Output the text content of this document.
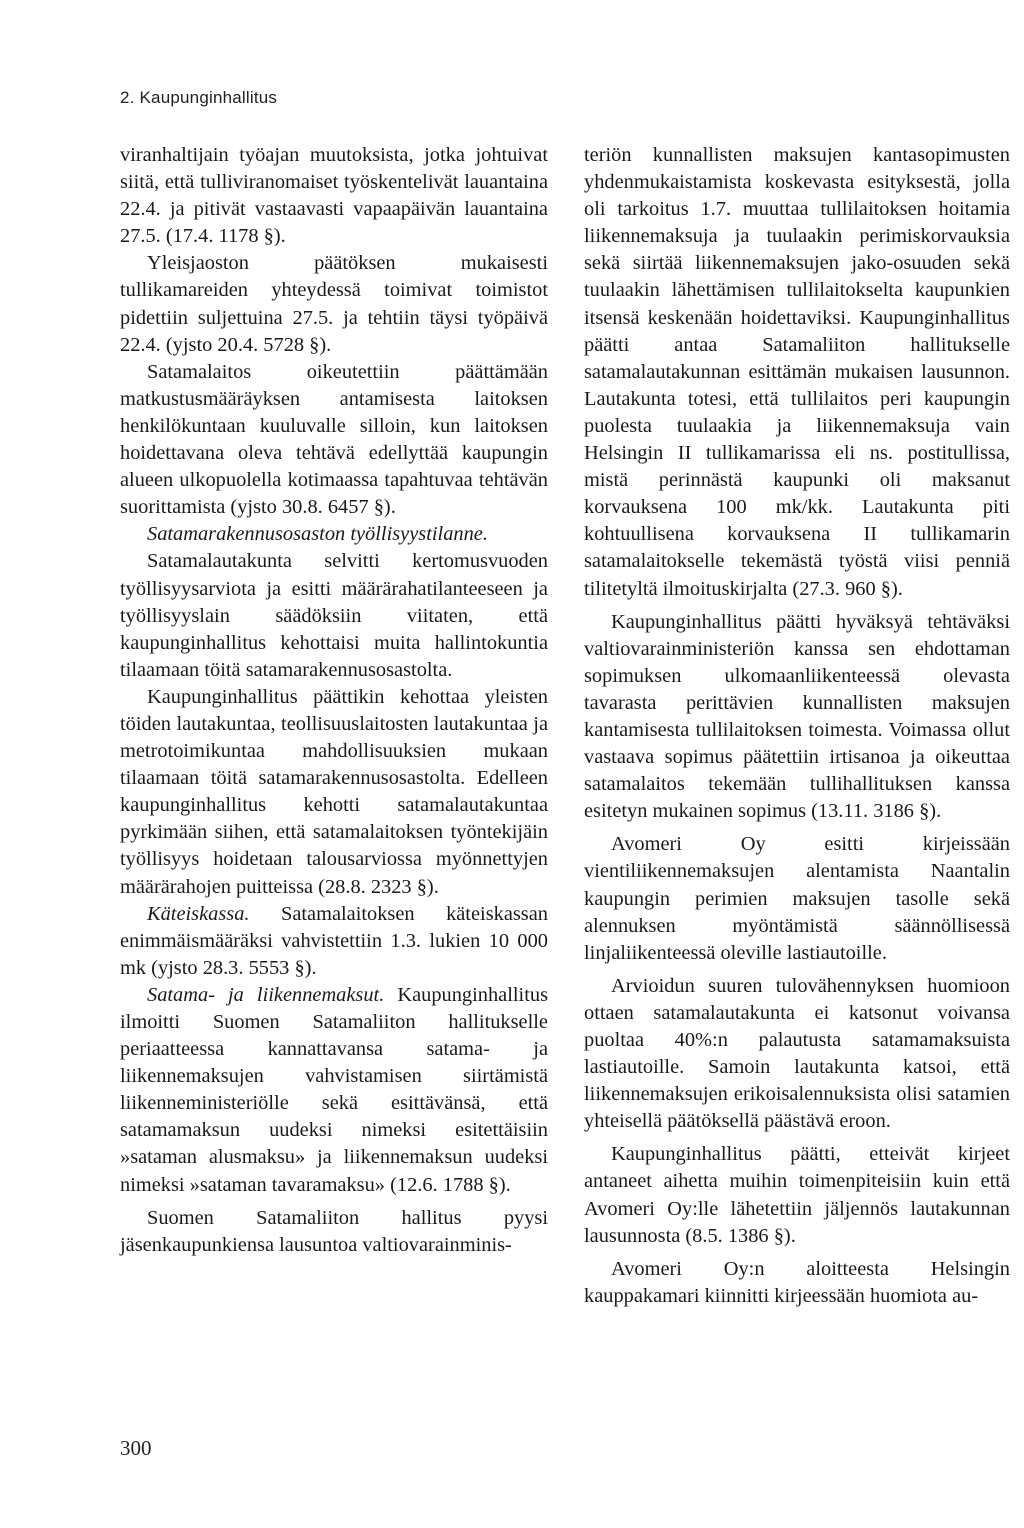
2. Kaupunginhallitus

viranhaltijain työajan muutoksista, jotka johtuivat siitä, että tulliviranomaiset työskentelivät lauantaina 22.4. ja pitivät vastaavasti vapaapäivän lauantaina 27.5. (17.4. 1178 §).

Yleisjaoston päätöksen mukaisesti tullikamareiden yhteydessä toimivat toimistot pidettiin suljettuina 27.5. ja tehtiin täysi työpäivä 22.4. (yjsto 20.4. 5728 §).

Satamalaitos oikeutettiin päättämään matkustusmääräyksen antamisesta laitoksen henkilökuntaan kuuluvalle silloin, kun laitoksen hoidettavana oleva tehtävä edellyttää kaupungin alueen ulkopuolella kotimaassa tapahtuvaa tehtävän suorittamista (yjsto 30.8. 6457 §).

Satamarakennusosaston työllisyystilanne.

Satamalautakunta selvitti kertomusvuoden työllisyysarviota ja esitti määrärahatilanteeseen ja työllisyyslain säädöksiin viitaten, että kaupunginhallitus kehottaisi muita hallintokuntia tilaamaan töitä satamarakennusosastolta.

Kaupunginhallitus päättikin kehottaa yleisten töiden lautakuntaa, teollisuuslaitosten lautakuntaa ja metrotoimikuntaa mahdollisuuksien mukaan tilaamaan töitä satamarakennusosastolta. Edelleen kaupunginhallitus kehotti satamalautakuntaa pyrkimään siihen, että satamalaitoksen työntekijäin työllisyys hoidetaan talousarviossa myönnettyjen määrärahojen puitteissa (28.8. 2323 §).

Käteiskassa. Satamalaitoksen käteiskassan enimmäismääräksi vahvistettiin 1.3. lukien 10 000 mk (yjsto 28.3. 5553 §).

Satama- ja liikennemaksut. Kaupunginhallitus ilmoitti Suomen Satamaliiton hallitukselle periaatteessa kannattavansa satama- ja liikennemaksujen vahvistamisen siirtämistä liikenneministeriölle sekä esittävänsä, että satamamaksun uudeksi nimeksi esitettäisiin »sataman alusmaksu» ja liikennemaksun uudeksi nimeksi »sataman tavaramaksu» (12.6. 1788 §).

Suomen Satamaliiton hallitus pyysi jäsenkaupunkiensa lausuntoa valtiovarainminis-

teriön kunnallisten maksujen kantasopimusten yhdenmukaistamista koskevasta esityksestä, jolla oli tarkoitus 1.7. muuttaa tullilaitoksen hoitamia liikennemaksuja ja tuulaakin perimiskorvauksia sekä siirtää liikennemaksujen jako-osuuden sekä tuulaakin lähettämisen tullilaitokselta kaupunkien itsensä keskenään hoidettaviksi. Kaupunginhallitus päätti antaa Satamaliiton hallitukselle satamalautakunnan esittämän mukaisen lausunnon. Lautakunta totesi, että tullilaitos peri kaupungin puolesta tuulaakia ja liikennemaksuja vain Helsingin II tullikamarissa eli ns. postitullissa, mistä perinnästä kaupunki oli maksanut korvauksena 100 mk/kk. Lautakunta piti kohtuullisena korvauksena II tullikamarin satamalaitokselle tekemästä työstä viisi penniä tilitetyltä ilmoituskirjalta (27.3. 960 §).

Kaupunginhallitus päätti hyväksyä tehtäväksi valtiovarainministeriön kanssa sen ehdottaman sopimuksen ulkomaanliikenteessä olevasta tavarasta perittävien kunnallisten maksujen kantamisesta tullilaitoksen toimesta. Voimassa ollut vastaava sopimus päätettiin irtisanoa ja oikeuttaa satamalaitos tekemään tullihallituksen kanssa esitetyn mukainen sopimus (13.11. 3186 §).

Avomeri Oy esitti kirjeissään vientiliikennemaksujen alentamista Naantalin kaupungin perimien maksujen tasolle sekä alennuksen myöntämistä säännöllisessä linjaliikenteessä oleville lastiautoille.

Arvioidun suuren tulovähennyksen huomioon ottaen satamalautakunta ei katsonut voivansa puoltaa 40%:n palautusta satamamaksuista lastiautoille. Samoin lautakunta katsoi, että liikennemaksujen erikoisalennuksista olisi satamien yhteisellä päätöksellä päästävä eroon.

Kaupunginhallitus päätti, etteivät kirjeet antaneet aihetta muihin toimenpiteisiin kuin että Avomeri Oy:lle lähetettiin jäljennös lautakunnan lausunnosta (8.5. 1386 §).

Avomeri Oy:n aloitteesta Helsingin kauppakamari kiinnitti kirjeessään huomiota au-

300
